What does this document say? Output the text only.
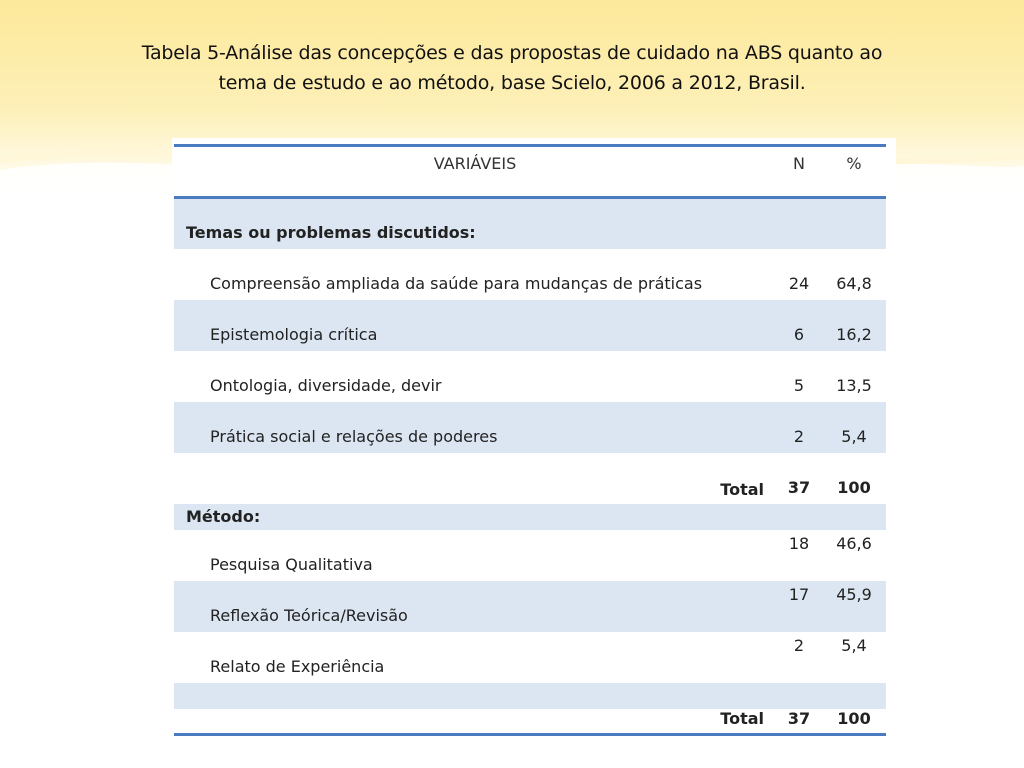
Tabela 5-Análise das concepções e das propostas de cuidado na ABS quanto ao
tema de estudo e ao método, base Scielo, 2006 a 2012, Brasil.
VARIÁVEIS	N	%
Temas ou problemas discutidos:		
Compreensão ampliada da saúde para mudanças de práticas	24	64,8
Epistemologia crítica	6	16,2
Ontologia, diversidade, devir	5	13,5
Prática social e relações de poderes	2	5,4
Total	37	100
Método:		
Pesquisa Qualitativa	18	46,6
Reflexão Teórica/Revisão	17	45,9
Relato de Experiência	2	5,4

Total	37	100
